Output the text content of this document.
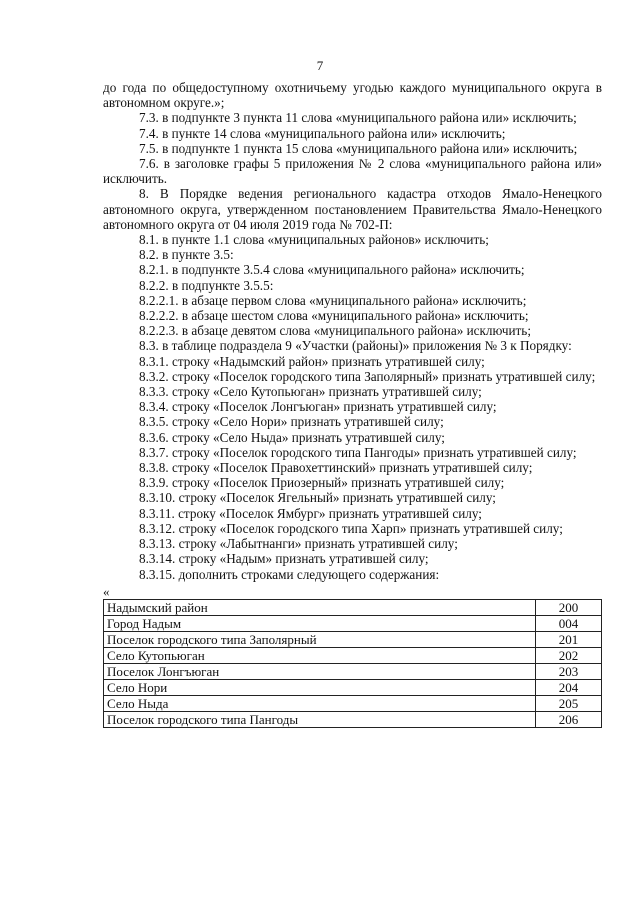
7

до года по общедоступному охотничьему угодью каждого муниципального округа в автономном округе.»;

7.3. в подпункте 3 пункта 11 слова «муниципального района или» исключить;

7.4. в пункте 14 слова «муниципального района или» исключить;

7.5. в подпункте 1 пункта 15 слова «муниципального района или» исключить;

7.6. в заголовке графы 5 приложения № 2 слова «муниципального района или» исключить.

8. В Порядке ведения регионального кадастра отходов Ямало-Ненецкого автономного округа, утвержденном постановлением Правительства Ямало-Ненецкого автономного округа от 04 июля 2019 года № 702-П:

8.1. в пункте 1.1 слова «муниципальных районов» исключить;

8.2. в пункте 3.5:

8.2.1. в подпункте 3.5.4 слова «муниципального района» исключить;

8.2.2. в подпункте 3.5.5:

8.2.2.1. в абзаце первом слова «муниципального района» исключить;

8.2.2.2. в абзаце шестом слова «муниципального района» исключить;

8.2.2.3. в абзаце девятом слова «муниципального района» исключить;

8.3. в таблице подраздела 9 «Участки (районы)» приложения № 3 к Порядку:

8.3.1. строку «Надымский район» признать утратившей силу;

8.3.2. строку «Поселок городского типа Заполярный» признать утратившей силу;

8.3.3. строку «Село Кутопьюган» признать утратившей силу;

8.3.4. строку «Поселок Лонгъюган» признать утратившей силу;

8.3.5. строку «Село Нори» признать утратившей силу;

8.3.6. строку «Село Ныда» признать утратившей силу;

8.3.7. строку «Поселок городского типа Пангоды» признать утратившей силу;

8.3.8. строку «Поселок Правохеттинский» признать утратившей силу;

8.3.9. строку «Поселок Приозерный» признать утратившей силу;

8.3.10. строку «Поселок Ягельный» признать утратившей силу;

8.3.11. строку «Поселок Ямбург» признать утратившей силу;

8.3.12. строку «Поселок городского типа Харп» признать утратившей силу;

8.3.13. строку «Лабытнанги» признать утратившей силу;

8.3.14. строку «Надым» признать утратившей силу;

8.3.15. дополнить строками следующего содержания:

«
Надымский район	200
Город Надым	004
Поселок городского типа Заполярный	201
Село Кутопьюган	202
Поселок Лонгъюган	203
Село Нори	204
Село Ныда	205
Поселок городского типа Пангоды	206
